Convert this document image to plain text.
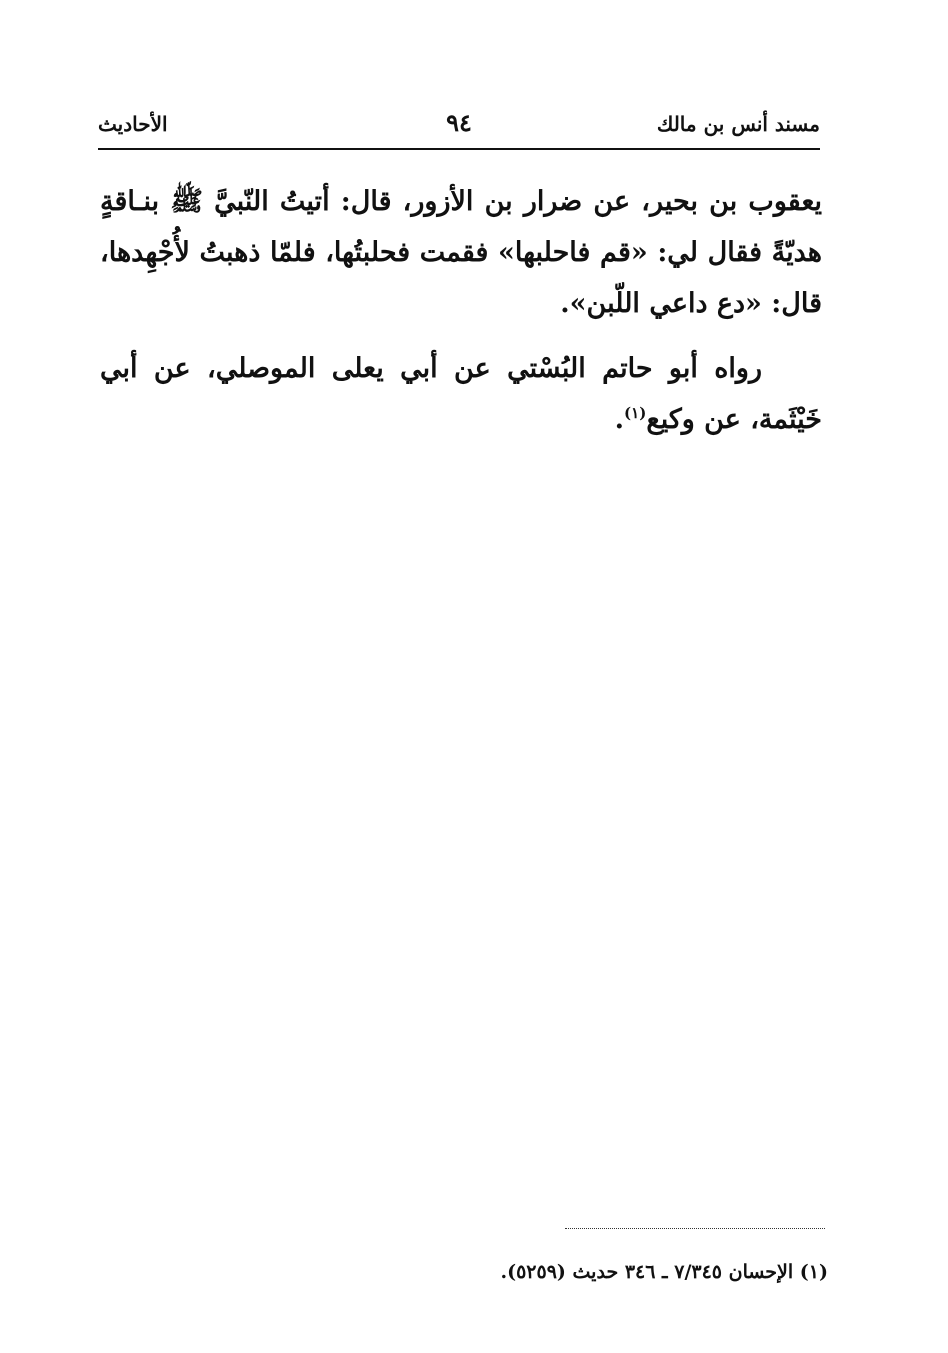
مسند أنس بن مالك
٩٤
الأحاديث

يعقوب بن بحير، عن ضرار بن الأزور، قال: أتيتُ النّبيَّ ﷺ بنـاقةٍ هديّةً فقال لي: «قم فاحلبها» فقمت فحلبتُها، فلمّا ذهبتُ لأُجْهِدها، قال: «دع داعي اللّبن».

رواه أبو حاتم البُسْتي عن أبي يعلى الموصلي، عن أبي خَيْثَمة، عن وكيع$^{(١)}$.

(١) الإحسان ٧/٣٤٥ ـ ٣٤٦ حديث (٥٢٥٩).
